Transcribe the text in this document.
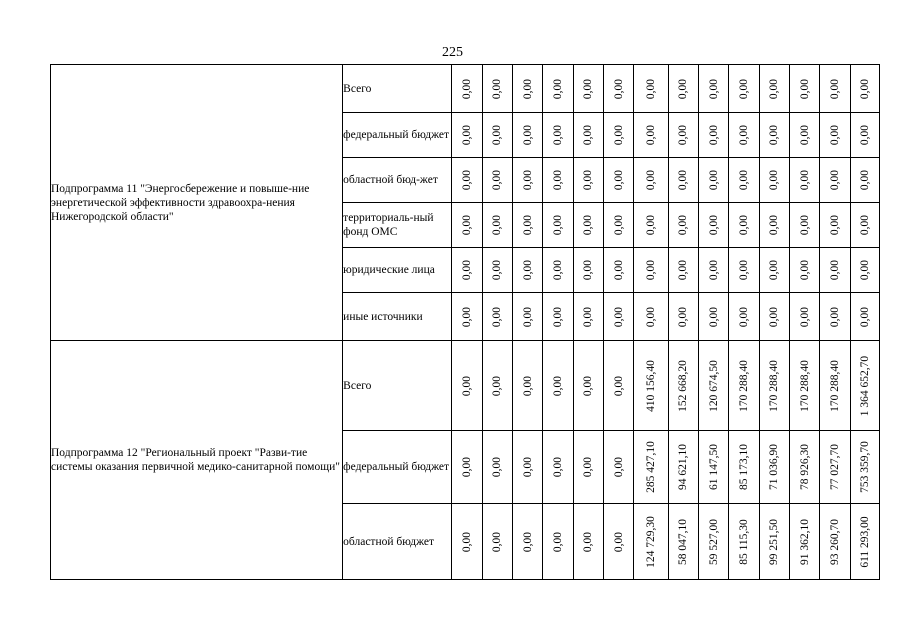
225
Подпрограмма 11 "Энергосбережение и повыше-ние энергетической эффективности здравоохра-нения Нижегородской области"	Всего	0,00	0,00	0,00	0,00	0,00	0,00	0,00	0,00	0,00	0,00	0,00	0,00	0,00	0,00

	федеральный бюджет	0,00	0,00	0,00	0,00	0,00	0,00	0,00	0,00	0,00	0,00	0,00	0,00	0,00	0,00

	областной бюд-жет	0,00	0,00	0,00	0,00	0,00	0,00	0,00	0,00	0,00	0,00	0,00	0,00	0,00	0,00

	территориаль-ный фонд ОМС	0,00	0,00	0,00	0,00	0,00	0,00	0,00	0,00	0,00	0,00	0,00	0,00	0,00	0,00

	юридические лица	0,00	0,00	0,00	0,00	0,00	0,00	0,00	0,00	0,00	0,00	0,00	0,00	0,00	0,00

	иные источники	0,00	0,00	0,00	0,00	0,00	0,00	0,00	0,00	0,00	0,00	0,00	0,00	0,00	0,00

Подпрограмма 12 "Региональный проект "Разви-тие системы оказания первичной медико-санитарной помощи"	Всего	0,00	0,00	0,00	0,00	0,00	0,00	410 156,40	152 668,20	120 674,50	170 288,40	170 288,40	170 288,40	170 288,40	1 364 652,70

	федеральный бюджет	0,00	0,00	0,00	0,00	0,00	0,00	285 427,10	94 621,10	61 147,50	85 173,10	71 036,90	78 926,30	77 027,70	753 359,70

	областной бюджет	0,00	0,00	0,00	0,00	0,00	0,00	124 729,30	58 047,10	59 527,00	85 115,30	99 251,50	91 362,10	93 260,70	611 293,00
